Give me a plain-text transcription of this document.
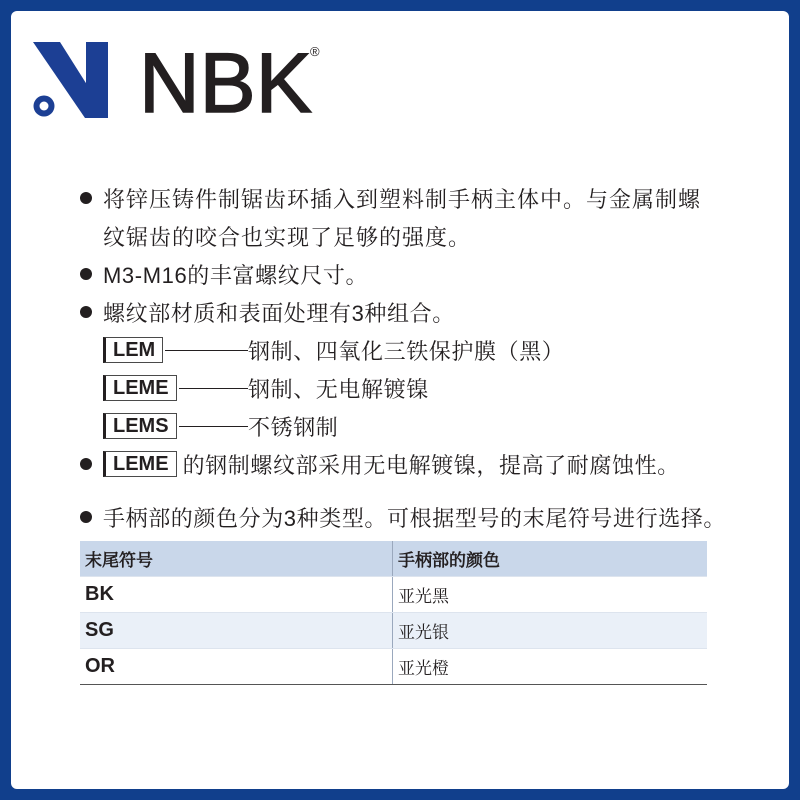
NBK
®
将锌压铸件制锯齿环插入到塑料制手柄主体中。与金属制螺
纹锯齿的咬合也实现了足够的强度。
M3-M16的丰富螺纹尺寸。
螺纹部材质和表面处理有3种组合。
LEM	钢制、四氧化三铁保护膜（黑）
LEME	钢制、无电解镀镍
LEMS	不锈钢制
LEME 的钢制螺纹部采用无电解镀镍，提高了耐腐蚀性。
手柄部的颜色分为3种类型。可根据型号的末尾符号进行选择。
末尾符号	手柄部的颜色
BK	亚光黑
SG	亚光银
OR	亚光橙
